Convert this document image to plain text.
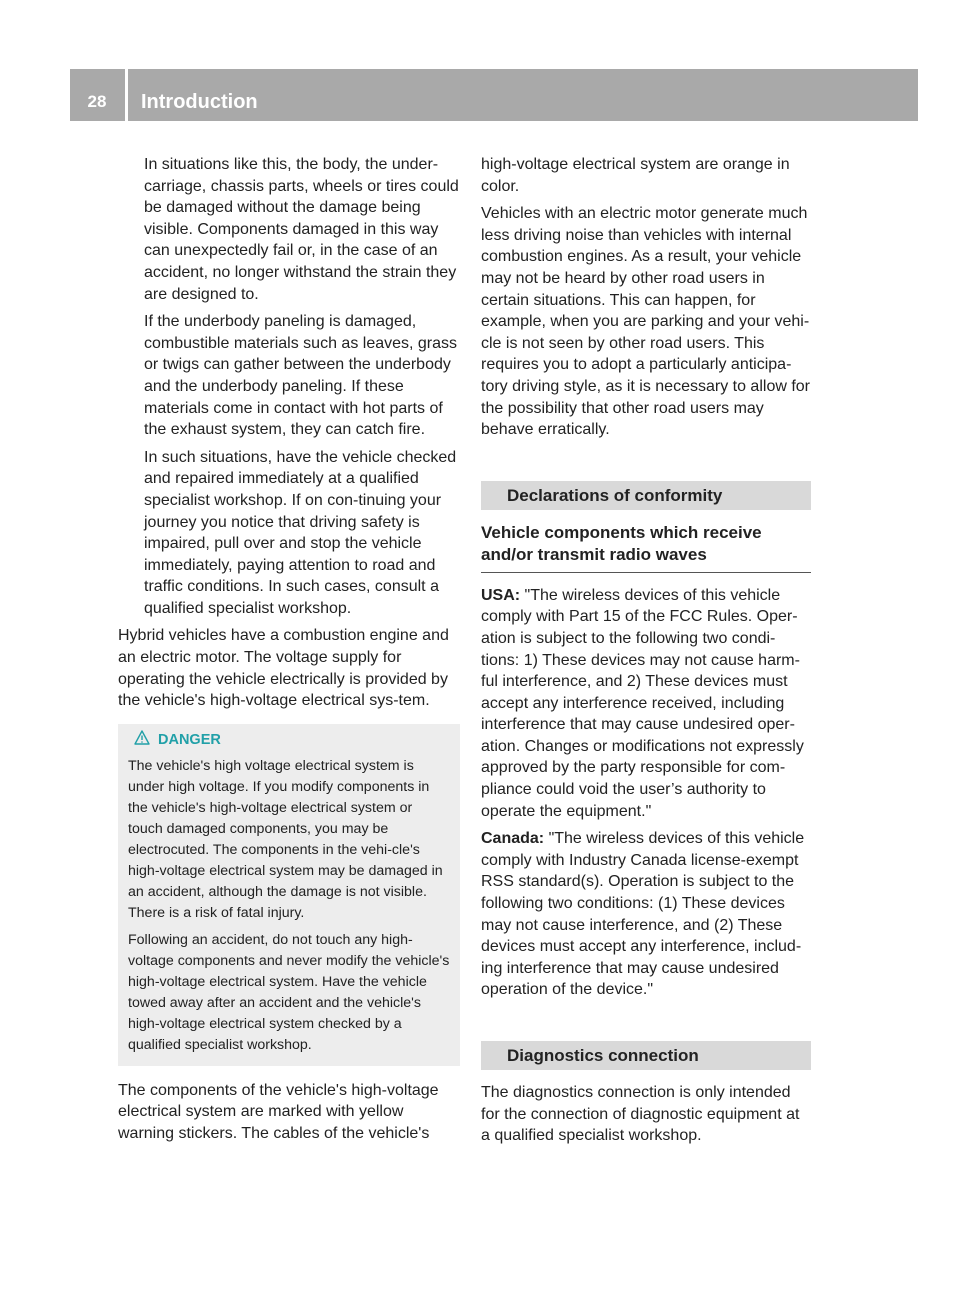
28	Introduction

In situations like this, the body, the under-carriage, chassis parts, wheels or tires could be damaged without the damage being visible. Components damaged in this way can unexpectedly fail or, in the case of an accident, no longer withstand the strain they are designed to.

If the underbody paneling is damaged, combustible materials such as leaves, grass or twigs can gather between the underbody and the underbody paneling. If these materials come in contact with hot parts of the exhaust system, they can catch fire.

In such situations, have the vehicle checked and repaired immediately at a qualified specialist workshop. If on con-tinuing your journey you notice that driving safety is impaired, pull over and stop the vehicle immediately, paying attention to road and traffic conditions. In such cases, consult a qualified specialist workshop.

Hybrid vehicles have a combustion engine and an electric motor. The voltage supply for operating the vehicle electrically is provided by the vehicle's high-voltage electrical sys-tem.

DANGER

The vehicle's high voltage electrical system is under high voltage. If you modify components in the vehicle's high-voltage electrical system or touch damaged components, you may be electrocuted. The components in the vehi-cle's high-voltage electrical system may be damaged in an accident, although the damage is not visible. There is a risk of fatal injury.

Following an accident, do not touch any high-voltage components and never modify the vehicle's high-voltage electrical system. Have the vehicle towed away after an accident and the vehicle's high-voltage electrical system checked by a qualified specialist workshop.

The components of the vehicle's high-voltage electrical system are marked with yellow warning stickers. The cables of the vehicle's

high-voltage electrical system are orange in color.

Vehicles with an electric motor generate much less driving noise than vehicles with internal combustion engines. As a result, your vehicle may not be heard by other road users in certain situations. This can happen, for example, when you are parking and your vehi-cle is not seen by other road users. This requires you to adopt a particularly anticipa-tory driving style, as it is necessary to allow for the possibility that other road users may behave erratically.

Declarations of conformity
Vehicle components which receive and/or transmit radio waves

USA: "The wireless devices of this vehicle comply with Part 15 of the FCC Rules. Oper-ation is subject to the following two condi-tions: 1) These devices may not cause harm-ful interference, and 2) These devices must accept any interference received, including interference that may cause undesired oper-ation. Changes or modifications not expressly approved by the party responsible for com-pliance could void the user’s authority to operate the equipment."

Canada: "The wireless devices of this vehicle comply with Industry Canada license-exempt RSS standard(s). Operation is subject to the following two conditions: (1) These devices may not cause interference, and (2) These devices must accept any interference, includ-ing interference that may cause undesired operation of the device."

Diagnostics connection

The diagnostics connection is only intended for the connection of diagnostic equipment at a qualified specialist workshop.
